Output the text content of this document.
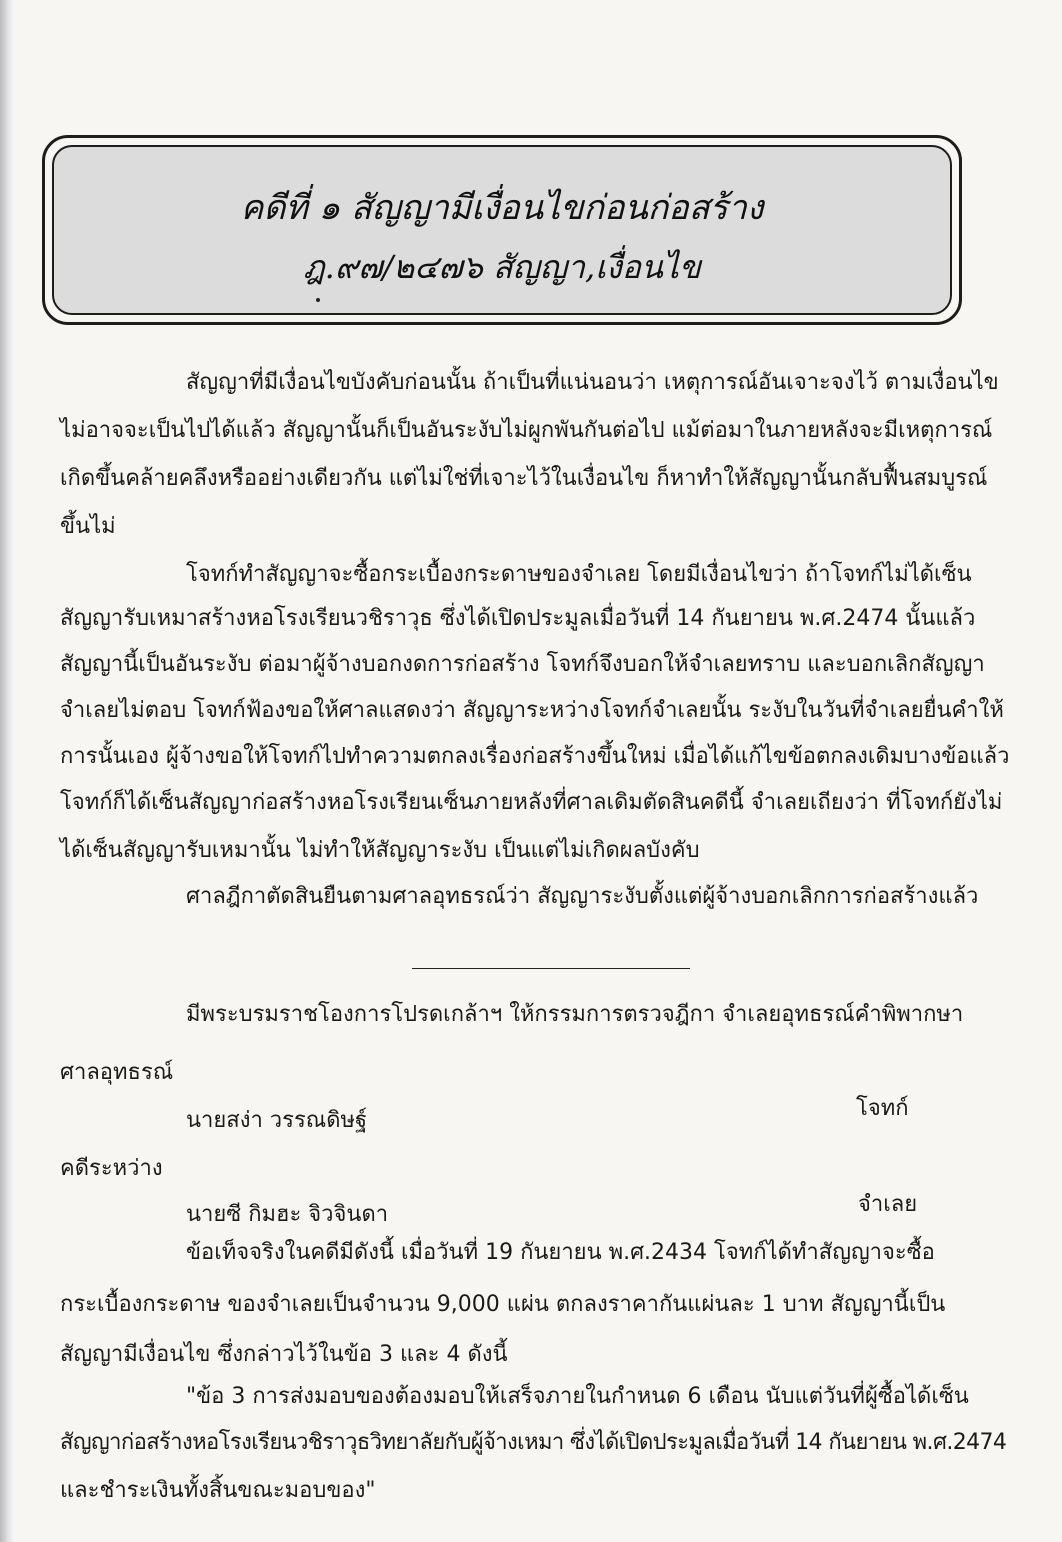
คดีที่ ๑ สัญญามีเงื่อนไขก่อนก่อสร้าง
ฎ.๙๗/๒๔๗๖ สัญญา,เงื่อนไข
สัญญาที่มีเงื่อนไขบังคับก่อนนั้น ถ้าเป็นที่แน่นอนว่า เหตุการณ์อันเจาะจงไว้ ตามเงื่อนไข
ไม่อาจจะเป็นไปได้แล้ว สัญญานั้นก็เป็นอันระงับไม่ผูกพันกันต่อไป แม้ต่อมาในภายหลังจะมีเหตุการณ์
เกิดขึ้นคล้ายคลึงหรืออย่างเดียวกัน แต่ไม่ใช่ที่เจาะไว้ในเงื่อนไข ก็หาทำให้สัญญานั้นกลับฟื้นสมบูรณ์
ขึ้นไม่
โจทก์ทำสัญญาจะซื้อกระเบื้องกระดาษของจำเลย โดยมีเงื่อนไขว่า ถ้าโจทก์ไม่ได้เซ็น
สัญญารับเหมาสร้างหอโรงเรียนวชิราวุธ ซึ่งได้เปิดประมูลเมื่อวันที่ 14 กันยายน พ.ศ.2474 นั้นแล้ว
สัญญานี้เป็นอันระงับ ต่อมาผู้จ้างบอกงดการก่อสร้าง โจทก์จึงบอกให้จำเลยทราบ และบอกเลิกสัญญา
จำเลยไม่ตอบ โจทก์ฟ้องขอให้ศาลแสดงว่า สัญญาระหว่างโจทก์จำเลยนั้น ระงับในวันที่จำเลยยื่นคำให้
การนั้นเอง ผู้จ้างขอให้โจทก์ไปทำความตกลงเรื่องก่อสร้างขึ้นใหม่ เมื่อได้แก้ไขข้อตกลงเดิมบางข้อแล้ว
โจทก์ก็ได้เซ็นสัญญาก่อสร้างหอโรงเรียนเซ็นภายหลังที่ศาลเดิมตัดสินคดีนี้ จำเลยเถียงว่า ที่โจทก์ยังไม่
ได้เซ็นสัญญารับเหมานั้น ไม่ทำให้สัญญาระงับ เป็นแต่ไม่เกิดผลบังคับ
ศาลฎีกาตัดสินยืนตามศาลอุทธรณ์ว่า สัญญาระงับตั้งแต่ผู้จ้างบอกเลิกการก่อสร้างแล้ว
มีพระบรมราชโองการโปรดเกล้าฯ ให้กรรมการตรวจฎีกา จำเลยอุทธรณ์คำพิพากษา
ศาลอุทธรณ์
นายสง่า วรรณดิษฐ์	โจทก์
คดีระหว่าง
จำเลย
นายซี กิมฮะ จิวจินดา
ข้อเท็จจริงในคดีมีดังนี้ เมื่อวันที่ 19 กันยายน พ.ศ.2434 โจทก์ได้ทำสัญญาจะซื้อ
กระเบื้องกระดาษ ของจำเลยเป็นจำนวน 9,000 แผ่น ตกลงราคากันแผ่นละ 1 บาท สัญญานี้เป็น
สัญญามีเงื่อนไข ซึ่งกล่าวไว้ในข้อ 3 และ 4 ดังนี้
"ข้อ 3 การส่งมอบของต้องมอบให้เสร็จภายในกำหนด 6 เดือน นับแต่วันที่ผู้ซื้อได้เซ็น
สัญญาก่อสร้างหอโรงเรียนวชิราวุธวิทยาลัยกับผู้จ้างเหมา ซึ่งได้เปิดประมูลเมื่อวันที่ 14 กันยายน พ.ศ.2474
และชำระเงินทั้งสิ้นขณะมอบของ"
